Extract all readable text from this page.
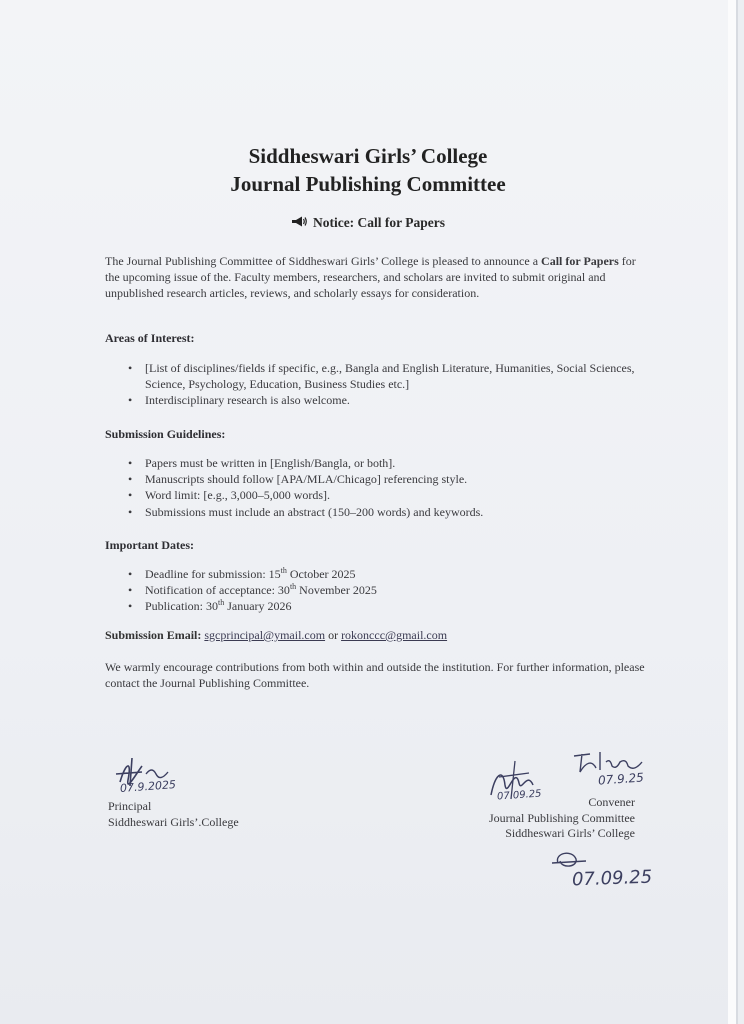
Siddheswari Girls’ College
Journal Publishing Committee
Notice: Call for Papers
The Journal Publishing Committee of Siddheswari Girls’ College is pleased to announce a Call for Papers for the upcoming issue of the. Faculty members, researchers, and scholars are invited to submit original and unpublished research articles, reviews, and scholarly essays for consideration.
Areas of Interest:
• [List of disciplines/fields if specific, e.g., Bangla and English Literature, Humanities, Social Sciences, Science, Psychology, Education, Business Studies etc.]
• Interdisciplinary research is also welcome.
Submission Guidelines:
• Papers must be written in [English/Bangla, or both].
• Manuscripts should follow [APA/MLA/Chicago] referencing style.
• Word limit: [e.g., 3,000–5,000 words].
• Submissions must include an abstract (150–200 words) and keywords.
Important Dates:
• Deadline for submission: 15th October 2025
• Notification of acceptance: 30th November 2025
• Publication: 30th January 2026
Submission Email: sgcprincipal@ymail.com or rokonccc@gmail.com
We warmly encourage contributions from both within and outside the institution. For further information, please contact the Journal Publishing Committee.
07.9.2025
Principal
Siddheswari Girls’.College
07.9.25
07.09.25	Convener
Journal Publishing Committee
Siddheswari Girls’ College
07.09.25
